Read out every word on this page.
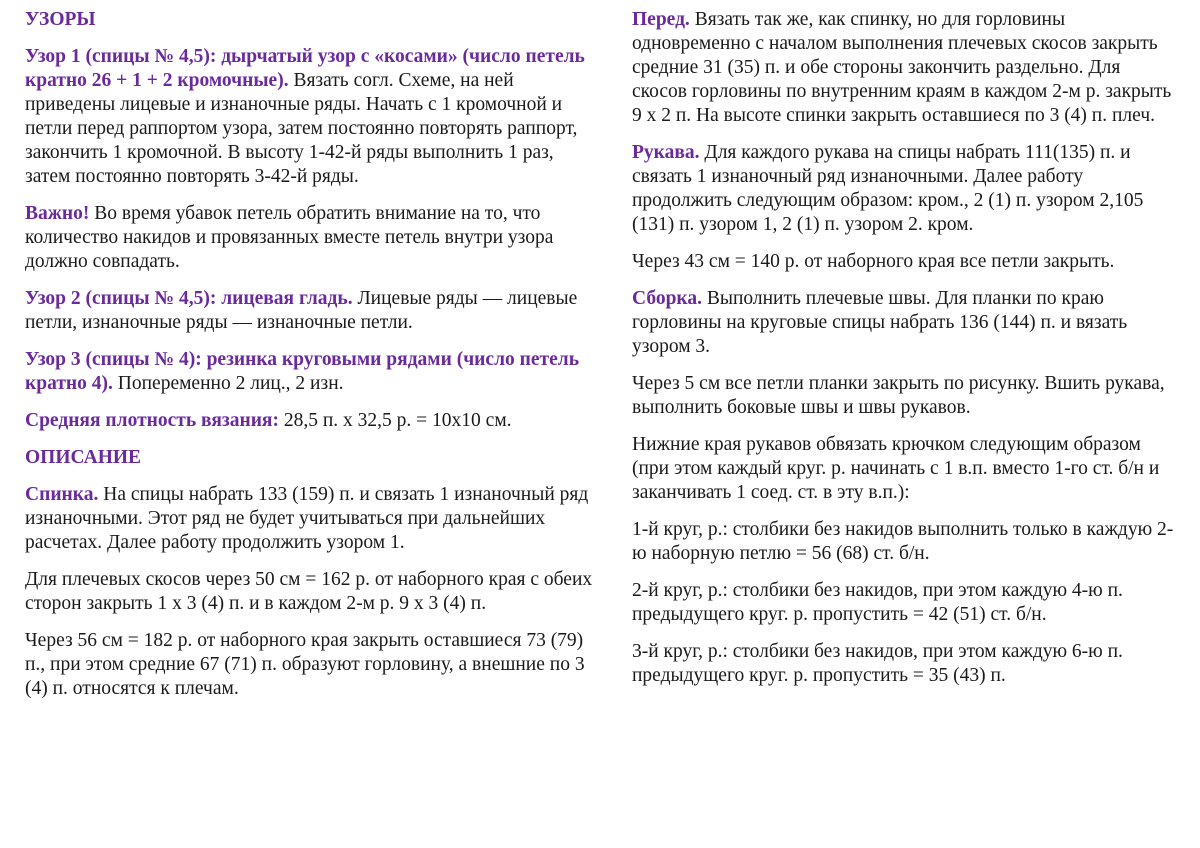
УЗОРЫ
Узор 1 (спицы № 4,5): дырчатый узор с «косами» (число петель кратно 26 + 1 + 2 кромочные). Вязать согл. Схеме, на ней приведены лицевые и изнаночные ряды. Начать с 1 кромочной и петли перед раппортом узора, затем постоянно повторять раппорт, закончить 1 кромочной. В высоту 1-42-й ряды выполнить 1 раз, затем постоянно повторять 3-42-й ряды.
Важно! Во время убавок петель обратить внимание на то, что количество накидов и провязанных вместе петель внутри узора должно совпадать.
Узор 2 (спицы № 4,5): лицевая гладь. Лицевые ряды — лицевые петли, изнаночные ряды — изнаночные петли.
Узор 3 (спицы № 4): резинка круговыми рядами (число петель кратно 4). Попеременно 2 лиц., 2 изн.
Средняя плотность вязания: 28,5 п. х 32,5 р. = 10х10 см.
ОПИСАНИЕ
Спинка. На спицы набрать 133 (159) п. и связать 1 изнаночный ряд изнаночными. Этот ряд не будет учитываться при дальнейших расчетах. Далее работу продолжить узором 1.
Для плечевых скосов через 50 см = 162 р. от наборного края с обеих сторон закрыть 1 х 3 (4) п. и в каждом 2-м р. 9 х 3 (4) п.
Через 56 см = 182 р. от наборного края закрыть оставшиеся 73 (79) п., при этом средние 67 (71) п. образуют горловину, а внешние по 3 (4) п. относятся к плечам.
Перед. Вязать так же, как спинку, но для горловины одновременно с началом выполнения плечевых скосов закрыть средние 31 (35) п. и обе стороны закончить раздельно. Для скосов горловины по внутренним краям в каждом 2-м р. закрыть 9 х 2 п. На высоте спинки закрыть оставшиеся по 3 (4) п. плеч.
Рукава. Для каждого рукава на спицы набрать 111(135) п. и связать 1 изнаночный ряд изнаночными. Далее работу продолжить следующим образом: кром., 2 (1) п. узором 2,105 (131) п. узором 1, 2 (1) п. узором 2. кром.
Через 43 см = 140 р. от наборного края все петли закрыть.
Сборка. Выполнить плечевые швы. Для планки по краю горловины на круговые спицы набрать 136 (144) п. и вязать узором 3.
Через 5 см все петли планки закрыть по рисунку. Вшить рукава, выполнить боковые швы и швы рукавов.
Нижние края рукавов обвязать крючком следующим образом (при этом каждый круг. р. начинать с 1 в.п. вместо 1-го ст. б/н и заканчивать 1 соед. ст. в эту в.п.):
1-й круг, р.: столбики без накидов выполнить только в каждую 2-ю наборную петлю = 56 (68) ст. б/н.
2-й круг, р.: столбики без накидов, при этом каждую 4-ю п. предыдущего круг. р. пропустить = 42 (51) ст. б/н.
3-й круг, р.: столбики без накидов, при этом каждую 6-ю п. предыдущего круг. р. пропустить = 35 (43) п.
